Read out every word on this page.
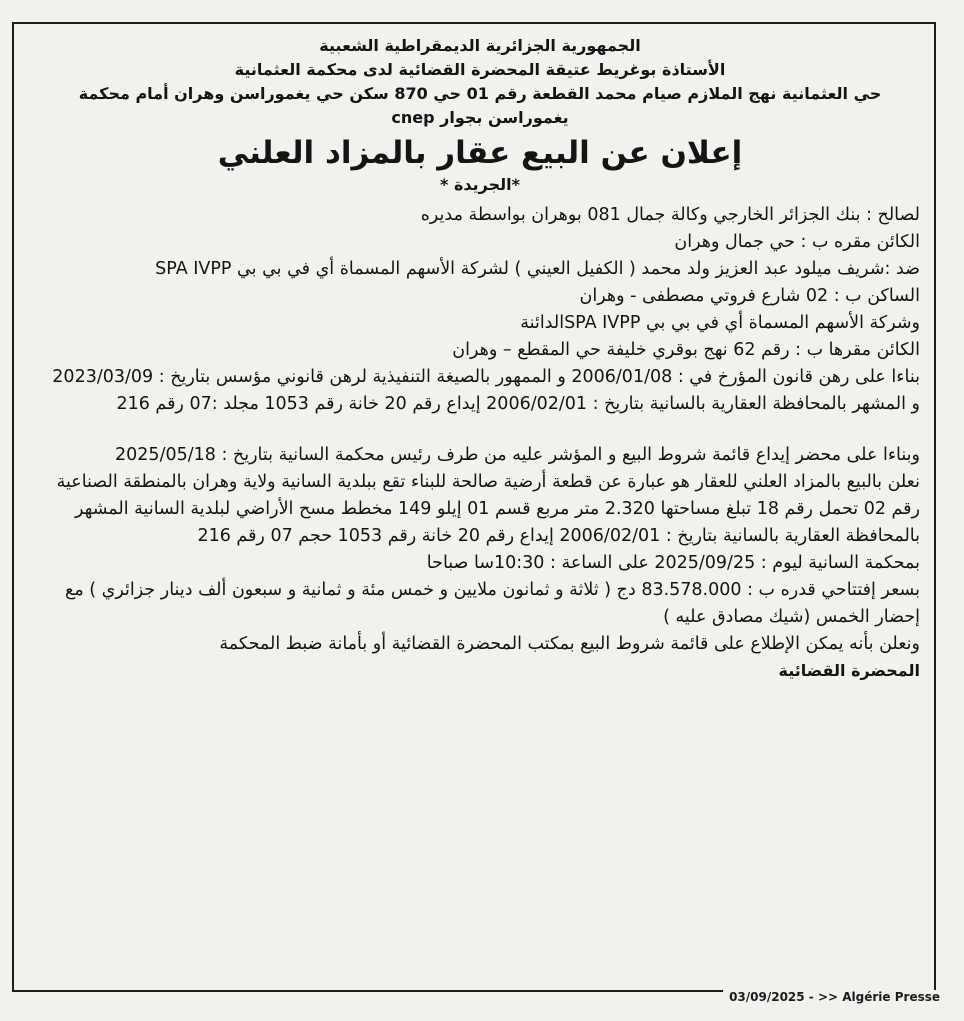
الجمهورية الجزائرية الديمقراطية الشعبية

الأستاذة بوغريط عتيقة المحضرة القضائية لدى محكمة العثمانية

حي العثمانية نهج الملازم صيام محمد القطعة رقم 01 حي 870 سكن حي يغموراسن وهران أمام محكمة

يغموراسن بجوار cnep

إعلان عن البيع عقار بالمزاد العلني

*الجريدة *

لصالح : بنك الجزائر الخارجي وكالة جمال 081 بوهران بواسطة مديره

الكائن مقره ب : حي جمال وهران

ضد :شريف ميلود عبد العزيز ولد محمد ( الكفيل العيني ) لشركة الأسهم المسماة أي في بي بي SPA IVPP

الساكن ب : 02 شارع فروتي مصطفى - وهران

وشركة الأسهم المسماة أي في بي بي SPA IVPPالدائنة

الكائن مقرها ب : رقم 62 نهج بوقري خليفة حي المقطع – وهران

بناءا على رهن قانون المؤرخ في : 2006/01/08 و الممهور بالصيغة التنفيذية لرهن قانوني مؤسس بتاريخ : 2023/03/09 و المشهر بالمحافظة العقارية بالسانية بتاريخ : 2006/02/01 إيداع رقم 20 خانة رقم 1053 مجلد :07 رقم 216

وبناءا على محضر إيداع قائمة شروط البيع و المؤشر عليه من طرف رئيس محكمة السانية بتاريخ : 2025/05/18

نعلن بالبيع بالمزاد العلني للعقار هو عبارة عن قطعة أرضية صالحة للبناء تقع ببلدية السانية ولاية وهران بالمنطقة الصناعية رقم 02 تحمل رقم 18 تبلغ مساحتها 2.320 متر مربع قسم 01 إيلو 149 مخطط مسح الأراضي لبلدية السانية المشهر بالمحافظة العقارية بالسانية بتاريخ : 2006/02/01 إيداع رقم 20 خانة رقم 1053 حجم 07 رقم 216

بمحكمة السانية ليوم : 2025/09/25 على الساعة : 10:30سا صباحا

بسعر إفتتاحي قدره ب : 83.578.000 دج ( ثلاثة و ثمانون ملايين و خمس مئة و ثمانية و سبعون ألف دينار جزائري ) مع إحضار الخمس (شيك مصادق عليه )

ونعلن بأنه يمكن الإطلاع على قائمة شروط البيع بمكتب المحضرة القضائية أو بأمانة ضبط المحكمة

المحضرة القضائية

03/09/2025 - >> Algérie Presse
